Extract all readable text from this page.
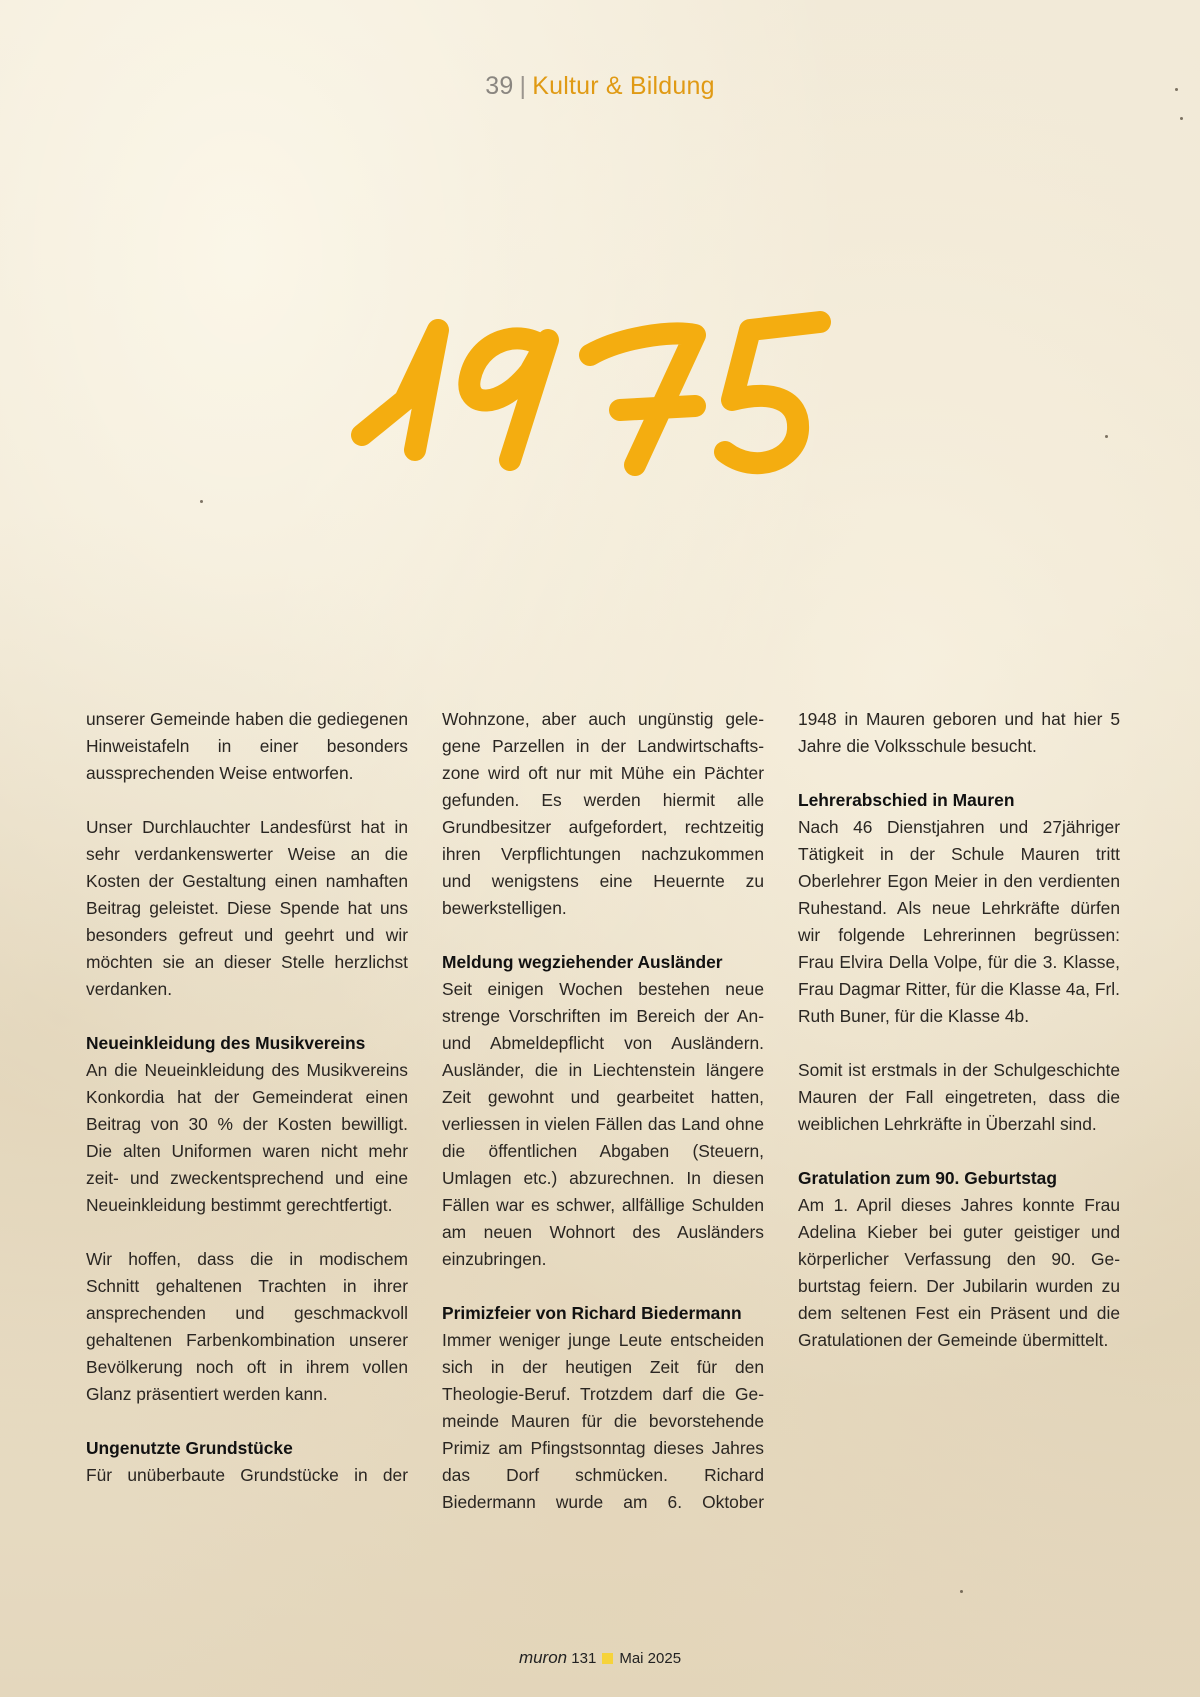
39 | Kultur & Bildung

unserer Gemeinde haben die gediegenen Hinweistafeln in einer besonders aussprechenden Weise entworfen.

Unser Durchlauchter Landesfürst hat in sehr verdankenswerter Weise an die Kosten der Gestaltung einen namhaften Beitrag geleistet. Diese Spende hat uns besonders gefreut und geehrt und wir möchten sie an dieser Stelle herzlichst verdanken.

Neueinkleidung des Musikvereins

An die Neueinkleidung des Musikvereins Konkordia hat der Gemeinderat einen Beitrag von 30 % der Kosten bewilligt. Die alten Uniformen waren nicht mehr zeit- und zweckentsprechend und eine Neueinkleidung bestimmt gerechtfertigt.

Wir hoffen, dass die in modischem Schnitt gehaltenen Trachten in ihrer ansprechenden und geschmackvoll gehaltenen Farbenkombination unserer Bevölkerung noch oft in ihrem vollen Glanz präsentiert werden kann.

Ungenutzte Grundstücke

Für unüberbaute Grundstücke in der

Wohnzone, aber auch ungünstig gelegene Parzellen in der Landwirtschaftszone wird oft nur mit Mühe ein Pächter gefunden. Es werden hiermit alle Grundbesitzer aufgefordert, rechtzeitig ihren Verpflichtungen nachzukommen und wenigstens eine Heuernte zu bewerkstelligen.

Meldung wegziehender Ausländer

Seit einigen Wochen bestehen neue strenge Vorschriften im Bereich der An- und Abmeldepflicht von Ausländern. Ausländer, die in Liechtenstein längere Zeit gewohnt und gearbeitet hatten, verliessen in vielen Fällen das Land ohne die öffentlichen Abgaben (Steuern, Umlagen etc.) abzurechnen. In diesen Fällen war es schwer, allfällige Schulden am neuen Wohnort des Ausländers einzubringen.

Primizfeier von Richard Biedermann

Immer weniger junge Leute entscheiden sich in der heutigen Zeit für den Theologie-Beruf. Trotzdem darf die Gemeinde Mauren für die bevorstehende Primiz am Pfingstsonntag dieses Jahres das Dorf schmücken. Richard Biedermann wurde am 6. Oktober

1948 in Mauren geboren und hat hier 5 Jahre die Volksschule besucht.

Lehrerabschied in Mauren

Nach 46 Dienstjahren und 27jähriger Tätigkeit in der Schule Mauren tritt Oberlehrer Egon Meier in den verdienten Ruhestand. Als neue Lehrkräfte dürfen wir folgende Lehrerinnen begrüssen: Frau Elvira Della Volpe, für die 3. Klasse, Frau Dagmar Ritter, für die Klasse 4a, Frl. Ruth Buner, für die Klasse 4b.

Somit ist erstmals in der Schulgeschichte Mauren der Fall eingetreten, dass die weiblichen Lehrkräfte in Überzahl sind.

Gratulation zum 90. Geburtstag

Am 1. April dieses Jahres konnte Frau Adelina Kieber bei guter geistiger und körperlicher Verfassung den 90. Geburtstag feiern. Der Jubilarin wurden zu dem seltenen Fest ein Präsent und die Gratulationen der Gemeinde übermittelt.

muron 131 Mai 2025
